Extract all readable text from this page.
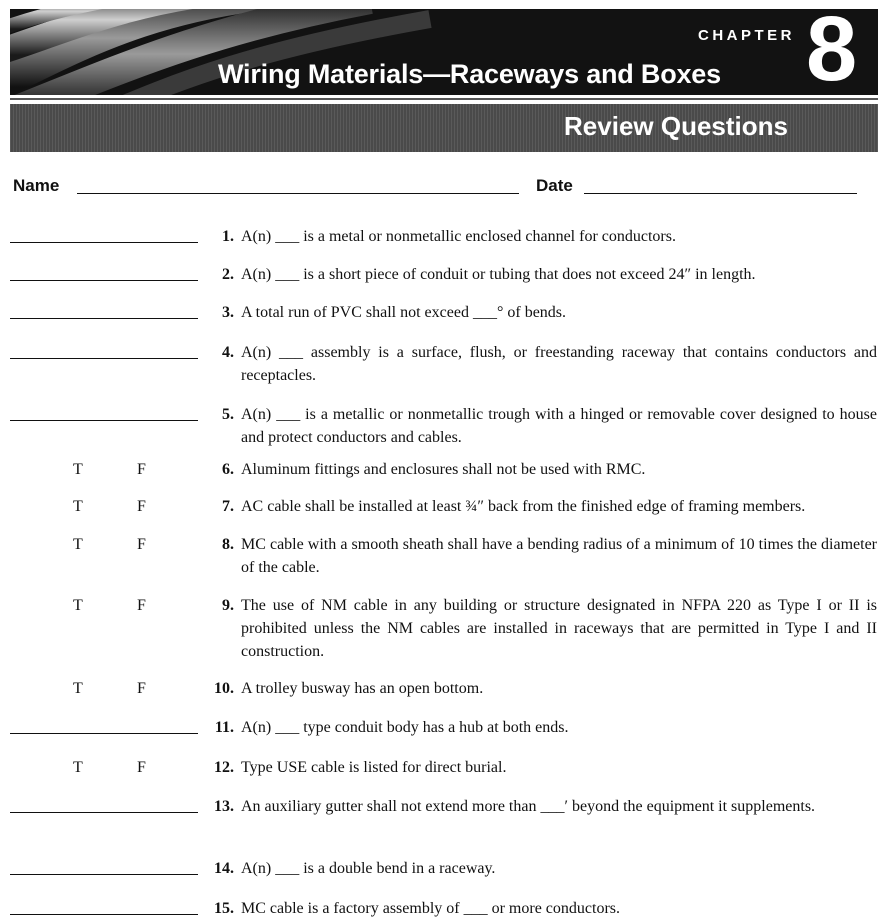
CHAPTER
Wiring Materials—Raceways and Boxes 8
Review Questions
Name	Date
1. A(n) ___ is a metal or nonmetallic enclosed channel for conductors.
2. A(n) ___ is a short piece of conduit or tubing that does not exceed 24″ in length.
3. A total run of PVC shall not exceed ___° of bends.
4. A(n) ___ assembly is a surface, flush, or freestanding raceway that contains conductors and receptacles.
5. A(n) ___ is a metallic or nonmetallic trough with a hinged or removable cover designed to house and protect conductors and cables.
T	F	6. Aluminum fittings and enclosures shall not be used with RMC.
T	F	7. AC cable shall be installed at least ¾″ back from the finished edge of framing members.
T	F	8. MC cable with a smooth sheath shall have a bending radius of a minimum of 10 times the diameter of the cable.
T	F	9. The use of NM cable in any building or structure designated in NFPA 220 as Type I or II is prohibited unless the NM cables are installed in raceways that are permitted in Type I and II construction.
T	F	10. A trolley busway has an open bottom.
11. A(n) ___ type conduit body has a hub at both ends.
T	F	12. Type USE cable is listed for direct burial.
13. An auxiliary gutter shall not extend more than ___′ beyond the equipment it supplements.
14. A(n) ___ is a double bend in a raceway.
15. MC cable is a factory assembly of ___ or more conductors.
